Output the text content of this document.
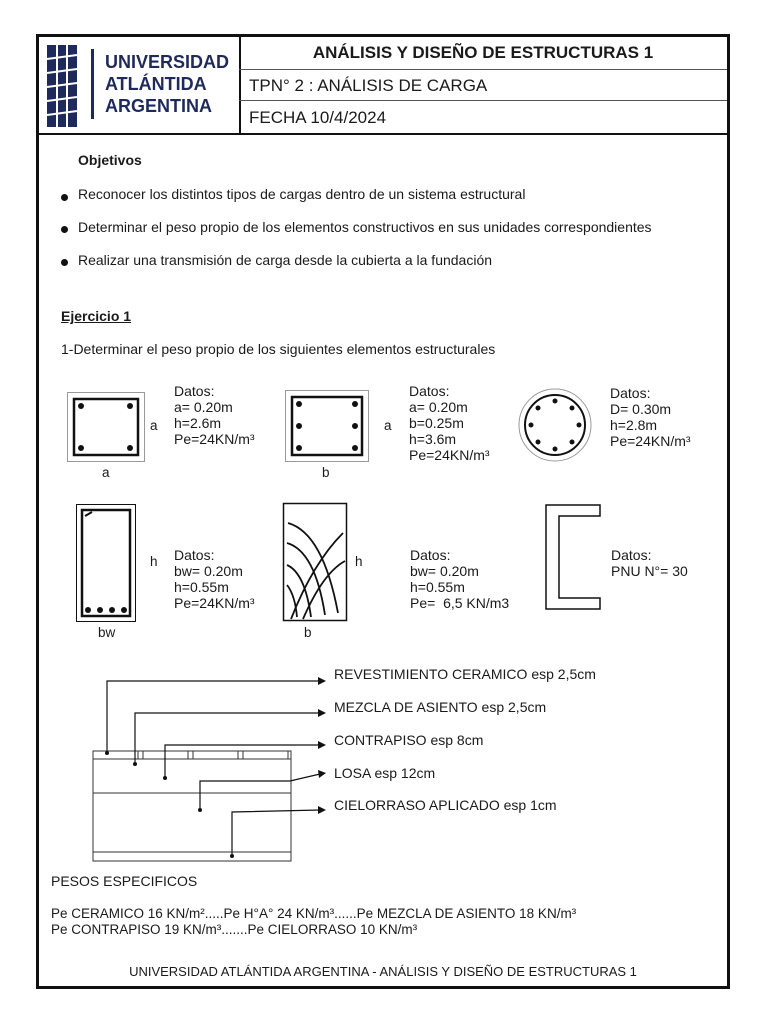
UNIVERSIDAD
ATLÁNTIDA
ARGENTINA
ANÁLISIS Y DISEÑO DE ESTRUCTURAS 1
TPN° 2 : ANÁLISIS DE CARGA
FECHA 10/4/2024
Objetivos
Reconocer los distintos tipos de cargas dentro de un sistema estructural
Determinar el peso propio de los elementos constructivos en sus unidades correspondientes
Realizar una transmisión de carga desde la cubierta a la fundación
Ejercicio 1
1-Determinar el peso propio de los siguientes elementos estructurales
a
a
Datos:
a= 0.20m
h=2.6m
Pe=24KN/m³
a
b
Datos:
a= 0.20m
b=0.25m
h=3.6m
Pe=24KN/m³
Datos:
D= 0.30m
h=2.8m
Pe=24KN/m³
h
bw
Datos:
bw= 0.20m
h=0.55m
Pe=24KN/m³
h
b
Datos:
bw= 0.20m
h=0.55m
Pe=  6,5 KN/m3
Datos:
PNU N°= 30
REVESTIMIENTO CERAMICO esp 2,5cm
MEZCLA DE ASIENTO esp 2,5cm
CONTRAPISO esp 8cm
LOSA esp 12cm
CIELORRASO APLICADO esp 1cm
PESOS ESPECIFICOS
Pe CERAMICO 16 KN/m².....Pe H°A° 24 KN/m³......Pe MEZCLA DE ASIENTO 18 KN/m³
Pe CONTRAPISO 19 KN/m³.......Pe CIELORRASO 10 KN/m³
UNIVERSIDAD ATLÁNTIDA ARGENTINA - ANÁLISIS Y DISEÑO DE ESTRUCTURAS 1
